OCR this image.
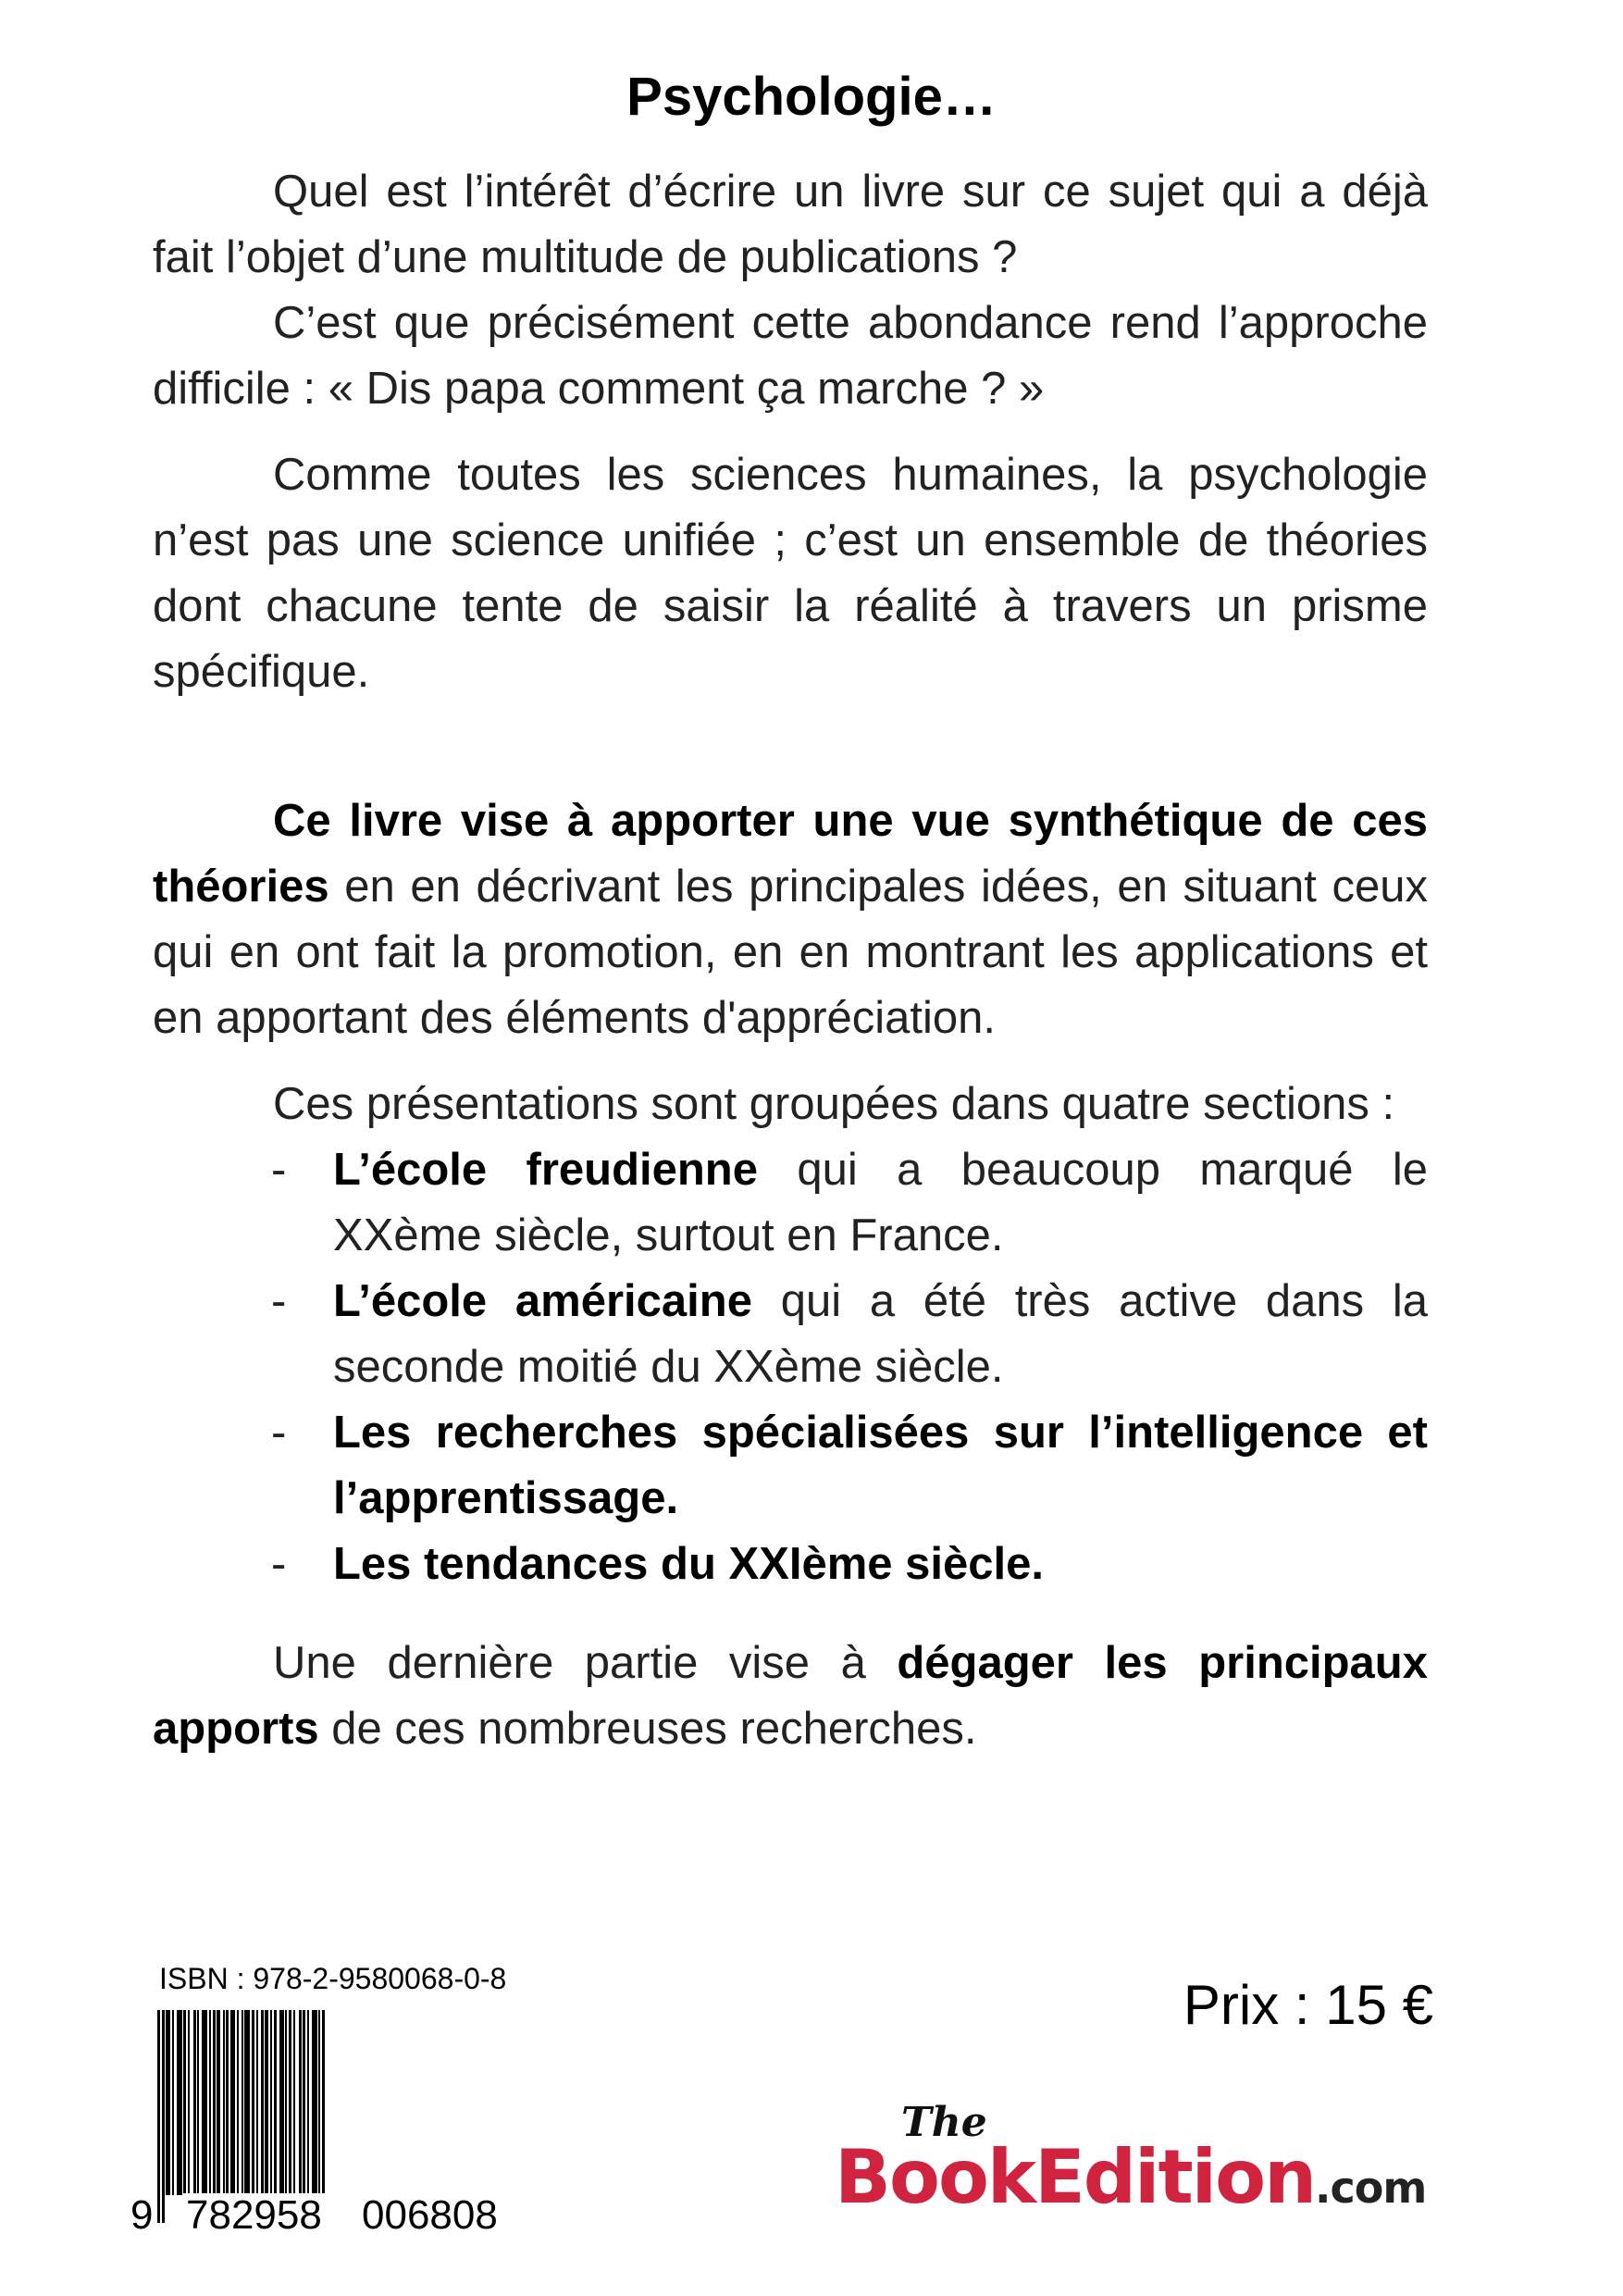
Psychologie…

Quel est l’intérêt d’écrire un livre sur ce sujet qui a déjà fait l’objet d’une multitude de publications ?

C’est que précisément cette abondance rend l’approche difficile : « Dis papa comment ça marche ? »

Comme toutes les sciences humaines, la psychologie n’est pas une science unifiée ; c’est un ensemble de théories dont chacune tente de saisir la réalité à travers un prisme spécifique.

Ce livre vise à apporter une vue synthétique de ces théories en en décrivant les principales idées, en situant ceux qui en ont fait la promotion, en en montrant les applications et en apportant des éléments d'appréciation.

Ces présentations sont groupées dans quatre sections :

- L’école freudienne qui a beaucoup marqué le XXème siècle, surtout en France.
- L’école américaine qui a été très active dans la seconde moitié du XXème siècle.
- Les recherches spécialisées sur l’intelligence et l’apprentissage.
- Les tendances du XXIème siècle.

Une dernière partie vise à dégager les principaux apports de ces nombreuses recherches.

ISBN : 978-2-9580068-0-8
9 782958 006808
Prix : 15 €
The
BookEdition.com
